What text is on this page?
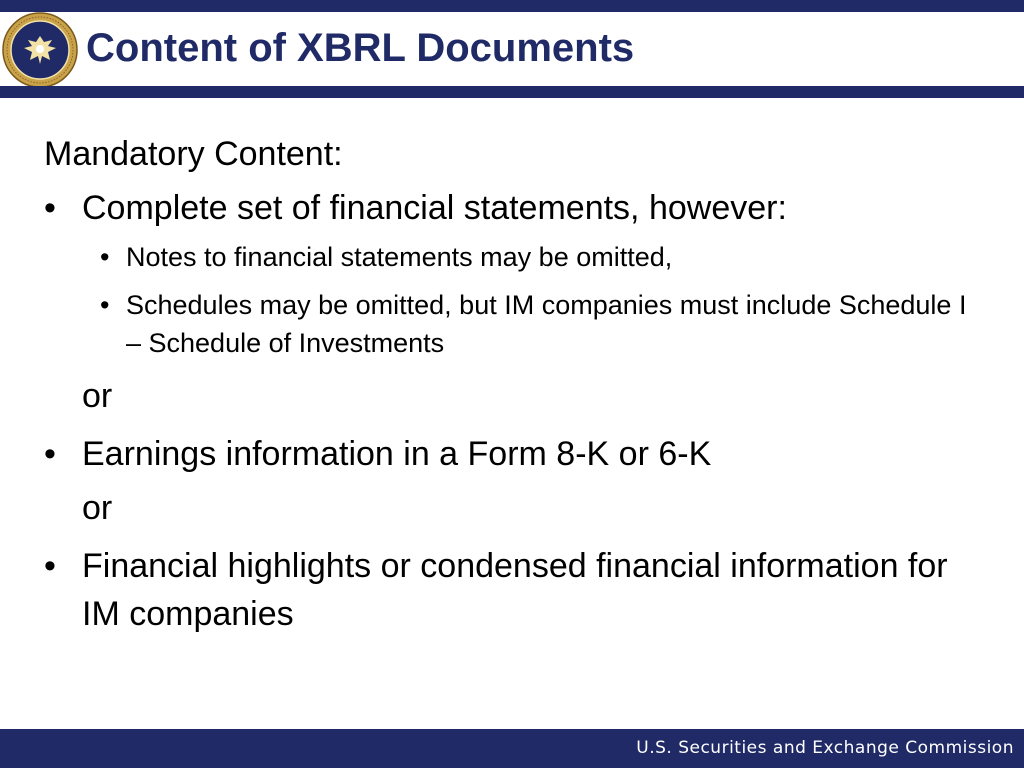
Content of XBRL Documents
Mandatory Content:
• Complete set of financial statements, however:
• Notes to financial statements may be omitted,
• Schedules may be omitted, but IM companies must include Schedule I – Schedule of Investments
or
• Earnings information in a Form 8-K or 6-K
or
• Financial highlights or condensed financial information for IM companies
U.S. Securities and Exchange Commission
